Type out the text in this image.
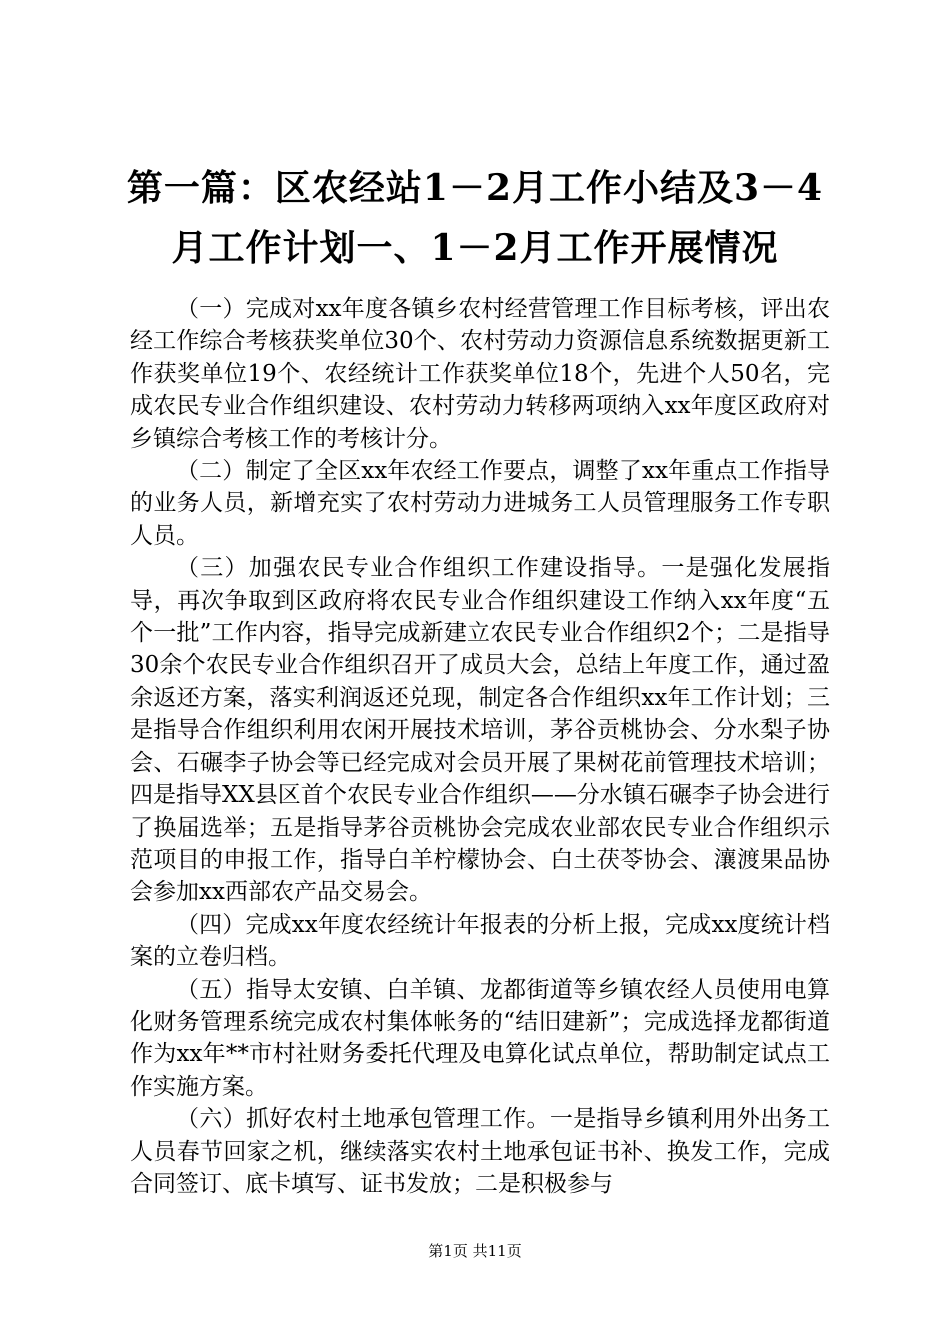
第一篇：区农经站1－2月工作小结及3－4月工作计划一、1－2月工作开展情况

（一）完成对xx年度各镇乡农村经营管理工作目标考核，评出农经工作综合考核获奖单位30个、农村劳动力资源信息系统数据更新工作获奖单位19个、农经统计工作获奖单位18个，先进个人50名，完成农民专业合作组织建设、农村劳动力转移两项纳入xx年度区政府对乡镇综合考核工作的考核计分。

（二）制定了全区xx年农经工作要点，调整了xx年重点工作指导的业务人员，新增充实了农村劳动力进城务工人员管理服务工作专职人员。

（三）加强农民专业合作组织工作建设指导。一是强化发展指导，再次争取到区政府将农民专业合作组织建设工作纳入xx年度“五个一批”工作内容，指导完成新建立农民专业合作组织2个；二是指导30余个农民专业合作组织召开了成员大会，总结上年度工作，通过盈余返还方案，落实利润返还兑现，制定各合作组织xx年工作计划；三是指导合作组织利用农闲开展技术培训，茅谷贡桃协会、分水梨子协会、石碾李子协会等已经完成对会员开展了果树花前管理技术培训；四是指导XX县区首个农民专业合作组织——分水镇石碾李子协会进行了换届选举；五是指导茅谷贡桃协会完成农业部农民专业合作组织示范项目的申报工作，指导白羊柠檬协会、白土茯苓协会、瀼渡果品协会参加xx西部农产品交易会。

（四）完成xx年度农经统计年报表的分析上报，完成xx度统计档案的立卷归档。

（五）指导太安镇、白羊镇、龙都街道等乡镇农经人员使用电算化财务管理系统完成农村集体帐务的“结旧建新”；完成选择龙都街道作为xx年**市村社财务委托代理及电算化试点单位，帮助制定试点工作实施方案。

（六）抓好农村土地承包管理工作。一是指导乡镇利用外出务工人员春节回家之机，继续落实农村土地承包证书补、换发工作，完成合同签订、底卡填写、证书发放；二是积极参与

第1页 共11页
